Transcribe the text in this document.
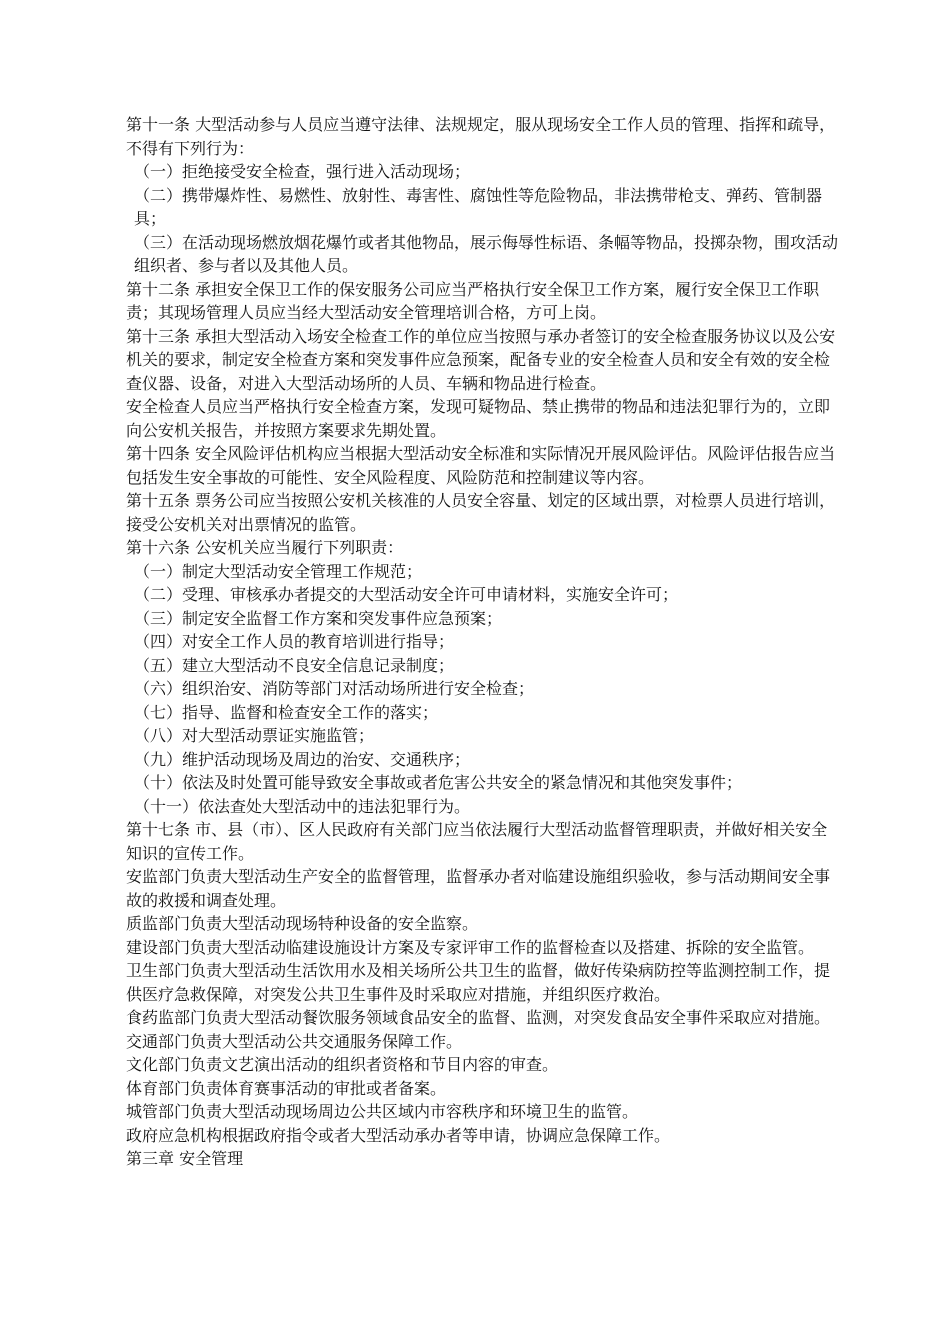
第十一条 大型活动参与人员应当遵守法律、法规规定，服从现场安全工作人员的管理、指挥和疏导，不得有下列行为：

（一）拒绝接受安全检查，强行进入活动现场；

（二）携带爆炸性、易燃性、放射性、毒害性、腐蚀性等危险物品，非法携带枪支、弹药、管制器具；

（三）在活动现场燃放烟花爆竹或者其他物品，展示侮辱性标语、条幅等物品，投掷杂物，围攻活动组织者、参与者以及其他人员。

第十二条 承担安全保卫工作的保安服务公司应当严格执行安全保卫工作方案，履行安全保卫工作职责；其现场管理人员应当经大型活动安全管理培训合格，方可上岗。

第十三条 承担大型活动入场安全检查工作的单位应当按照与承办者签订的安全检查服务协议以及公安机关的要求，制定安全检查方案和突发事件应急预案，配备专业的安全检查人员和安全有效的安全检查仪器、设备，对进入大型活动场所的人员、车辆和物品进行检查。

安全检查人员应当严格执行安全检查方案，发现可疑物品、禁止携带的物品和违法犯罪行为的，立即向公安机关报告，并按照方案要求先期处置。

第十四条 安全风险评估机构应当根据大型活动安全标准和实际情况开展风险评估。风险评估报告应当包括发生安全事故的可能性、安全风险程度、风险防范和控制建议等内容。

第十五条 票务公司应当按照公安机关核准的人员安全容量、划定的区域出票，对检票人员进行培训，接受公安机关对出票情况的监管。

第十六条 公安机关应当履行下列职责：

（一）制定大型活动安全管理工作规范；

（二）受理、审核承办者提交的大型活动安全许可申请材料，实施安全许可；

（三）制定安全监督工作方案和突发事件应急预案；

（四）对安全工作人员的教育培训进行指导；

（五）建立大型活动不良安全信息记录制度；

（六）组织治安、消防等部门对活动场所进行安全检查；

（七）指导、监督和检查安全工作的落实；

（八）对大型活动票证实施监管；

（九）维护活动现场及周边的治安、交通秩序；

（十）依法及时处置可能导致安全事故或者危害公共安全的紧急情况和其他突发事件；

（十一）依法查处大型活动中的违法犯罪行为。

第十七条 市、县（市）、区人民政府有关部门应当依法履行大型活动监督管理职责，并做好相关安全知识的宣传工作。

安监部门负责大型活动生产安全的监督管理，监督承办者对临建设施组织验收，参与活动期间安全事故的救援和调查处理。

质监部门负责大型活动现场特种设备的安全监察。

建设部门负责大型活动临建设施设计方案及专家评审工作的监督检查以及搭建、拆除的安全监管。

卫生部门负责大型活动生活饮用水及相关场所公共卫生的监督，做好传染病防控等监测控制工作，提供医疗急救保障，对突发公共卫生事件及时采取应对措施，并组织医疗救治。

食药监部门负责大型活动餐饮服务领域食品安全的监督、监测，对突发食品安全事件采取应对措施。

交通部门负责大型活动公共交通服务保障工作。

文化部门负责文艺演出活动的组织者资格和节目内容的审查。

体育部门负责体育赛事活动的审批或者备案。

城管部门负责大型活动现场周边公共区域内市容秩序和环境卫生的监管。

政府应急机构根据政府指令或者大型活动承办者等申请，协调应急保障工作。

第三章 安全管理
